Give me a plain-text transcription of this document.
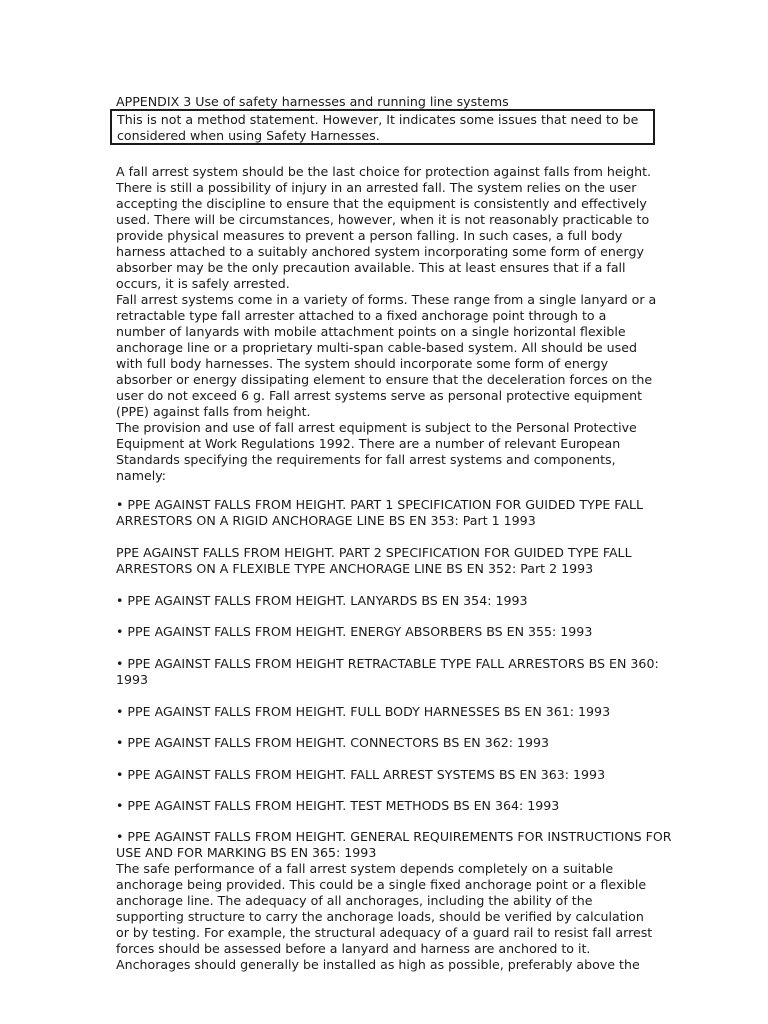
APPENDIX 3 Use of safety harnesses and running line systems
This is not a method statement. However, It indicates some issues that need to be
considered when using Safety Harnesses.
A fall arrest system should be the last choice for protection against falls from height.
There is still a possibility of injury in an arrested fall. The system relies on the user
accepting the discipline to ensure that the equipment is consistently and effectively
used. There will be circumstances, however, when it is not reasonably practicable to
provide physical measures to prevent a person falling. In such cases, a full body
harness attached to a suitably anchored system incorporating some form of energy
absorber may be the only precaution available. This at least ensures that if a fall
occurs, it is safely arrested.
Fall arrest systems come in a variety of forms. These range from a single lanyard or a
retractable type fall arrester attached to a fixed anchorage point through to a
number of lanyards with mobile attachment points on a single horizontal flexible
anchorage line or a proprietary multi-span cable-based system. All should be used
with full body harnesses. The system should incorporate some form of energy
absorber or energy dissipating element to ensure that the deceleration forces on the
user do not exceed 6 g. Fall arrest systems serve as personal protective equipment
(PPE) against falls from height.
The provision and use of fall arrest equipment is subject to the Personal Protective
Equipment at Work Regulations 1992. There are a number of relevant European
Standards specifying the requirements for fall arrest systems and components,
namely:
• PPE AGAINST FALLS FROM HEIGHT. PART 1 SPECIFICATION FOR GUIDED TYPE FALL
ARRESTORS ON A RIGID ANCHORAGE LINE BS EN 353: Part 1 1993
PPE AGAINST FALLS FROM HEIGHT. PART 2 SPECIFICATION FOR GUIDED TYPE FALL
ARRESTORS ON A FLEXIBLE TYPE ANCHORAGE LINE BS EN 352: Part 2 1993
• PPE AGAINST FALLS FROM HEIGHT. LANYARDS BS EN 354: 1993
• PPE AGAINST FALLS FROM HEIGHT. ENERGY ABSORBERS BS EN 355: 1993
• PPE AGAINST FALLS FROM HEIGHT RETRACTABLE TYPE FALL ARRESTORS BS EN 360:
1993
• PPE AGAINST FALLS FROM HEIGHT. FULL BODY HARNESSES BS EN 361: 1993
• PPE AGAINST FALLS FROM HEIGHT. CONNECTORS BS EN 362: 1993
• PPE AGAINST FALLS FROM HEIGHT. FALL ARREST SYSTEMS BS EN 363: 1993
• PPE AGAINST FALLS FROM HEIGHT. TEST METHODS BS EN 364: 1993
• PPE AGAINST FALLS FROM HEIGHT. GENERAL REQUIREMENTS FOR INSTRUCTIONS FOR
USE AND FOR MARKING BS EN 365: 1993
The safe performance of a fall arrest system depends completely on a suitable
anchorage being provided. This could be a single fixed anchorage point or a flexible
anchorage line. The adequacy of all anchorages, including the ability of the
supporting structure to carry the anchorage loads, should be verified by calculation
or by testing. For example, the structural adequacy of a guard rail to resist fall arrest
forces should be assessed before a lanyard and harness are anchored to it.
Anchorages should generally be installed as high as possible, preferably above the
